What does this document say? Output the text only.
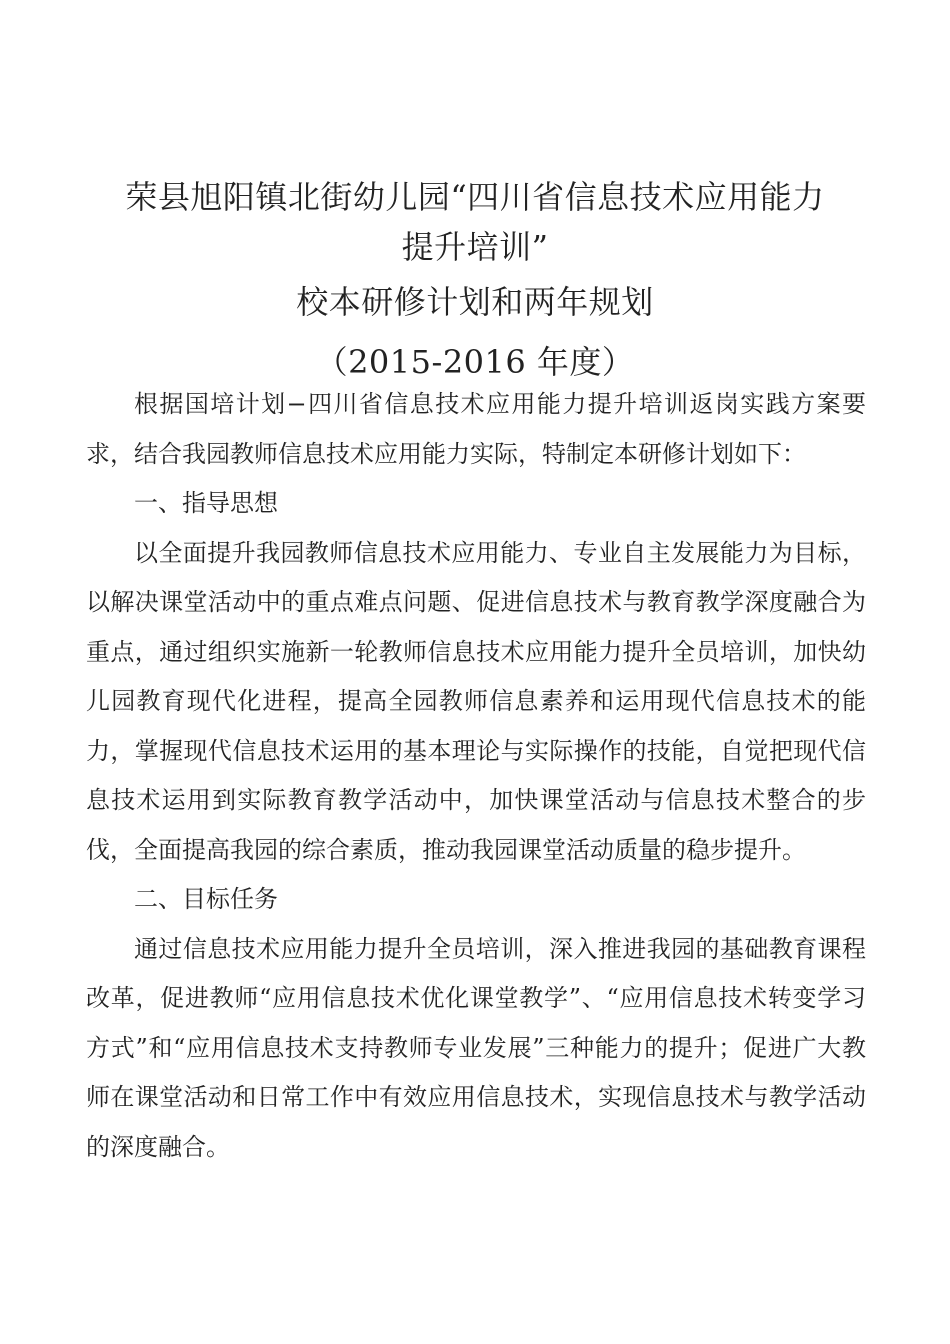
荣县旭阳镇北街幼儿园“四川省信息技术应用能力
提升培训”
校本研修计划和两年规划
（2015-2016 年度）

根据国培计划−四川省信息技术应用能力提升培训返岗实践方案要求，结合我园教师信息技术应用能力实际，特制定本研修计划如下：

一、指导思想

以全面提升我园教师信息技术应用能力、专业自主发展能力为目标，以解决课堂活动中的重点难点问题、促进信息技术与教育教学深度融合为重点，通过组织实施新一轮教师信息技术应用能力提升全员培训，加快幼儿园教育现代化进程，提高全园教师信息素养和运用现代信息技术的能力，掌握现代信息技术运用的基本理论与实际操作的技能，自觉把现代信息技术运用到实际教育教学活动中，加快课堂活动与信息技术整合的步伐，全面提高我园的综合素质，推动我园课堂活动质量的稳步提升。

二、目标任务

通过信息技术应用能力提升全员培训，深入推进我园的基础教育课程改革，促进教师“应用信息技术优化课堂教学”、“应用信息技术转变学习方式”和“应用信息技术支持教师专业发展”三种能力的提升；促进广大教师在课堂活动和日常工作中有效应用信息技术，实现信息技术与教学活动的深度融合。
